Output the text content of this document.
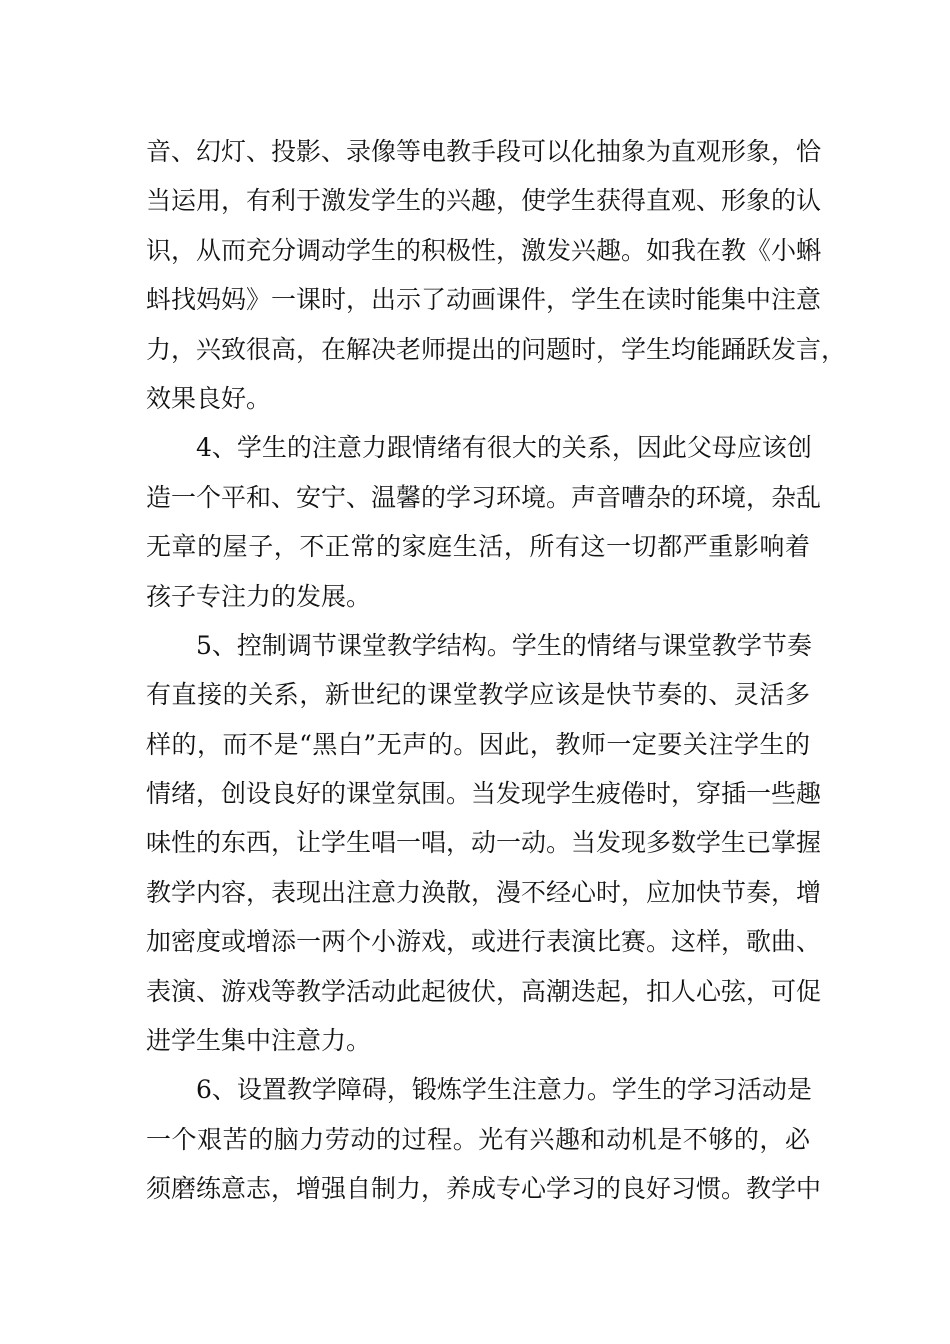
音、幻灯、投影、录像等电教手段可以化抽象为直观形象，恰
当运用，有利于激发学生的兴趣，使学生获得直观、形象的认
识，从而充分调动学生的积极性，激发兴趣。如我在教《小蝌
蚪找妈妈》一课时，出示了动画课件，学生在读时能集中注意
力，兴致很高，在解决老师提出的问题时，学生均能踊跃发言，
效果良好。
4、学生的注意力跟情绪有很大的关系，因此父母应该创
造一个平和、安宁、温馨的学习环境。声音嘈杂的环境，杂乱
无章的屋子，不正常的家庭生活，所有这一切都严重影响着
孩子专注力的发展。
5、控制调节课堂教学结构。学生的情绪与课堂教学节奏
有直接的关系，新世纪的课堂教学应该是快节奏的、灵活多
样的，而不是“黑白”无声的。因此，教师一定要关注学生的
情绪，创设良好的课堂氛围。当发现学生疲倦时，穿插一些趣
味性的东西，让学生唱一唱，动一动。当发现多数学生已掌握
教学内容，表现出注意力涣散，漫不经心时，应加快节奏，增
加密度或增添一两个小游戏，或进行表演比赛。这样，歌曲、
表演、游戏等教学活动此起彼伏，高潮迭起，扣人心弦，可促
进学生集中注意力。
6、设置教学障碍，锻炼学生注意力。学生的学习活动是
一个艰苦的脑力劳动的过程。光有兴趣和动机是不够的，必
须磨练意志，增强自制力，养成专心学习的良好习惯。教学中
